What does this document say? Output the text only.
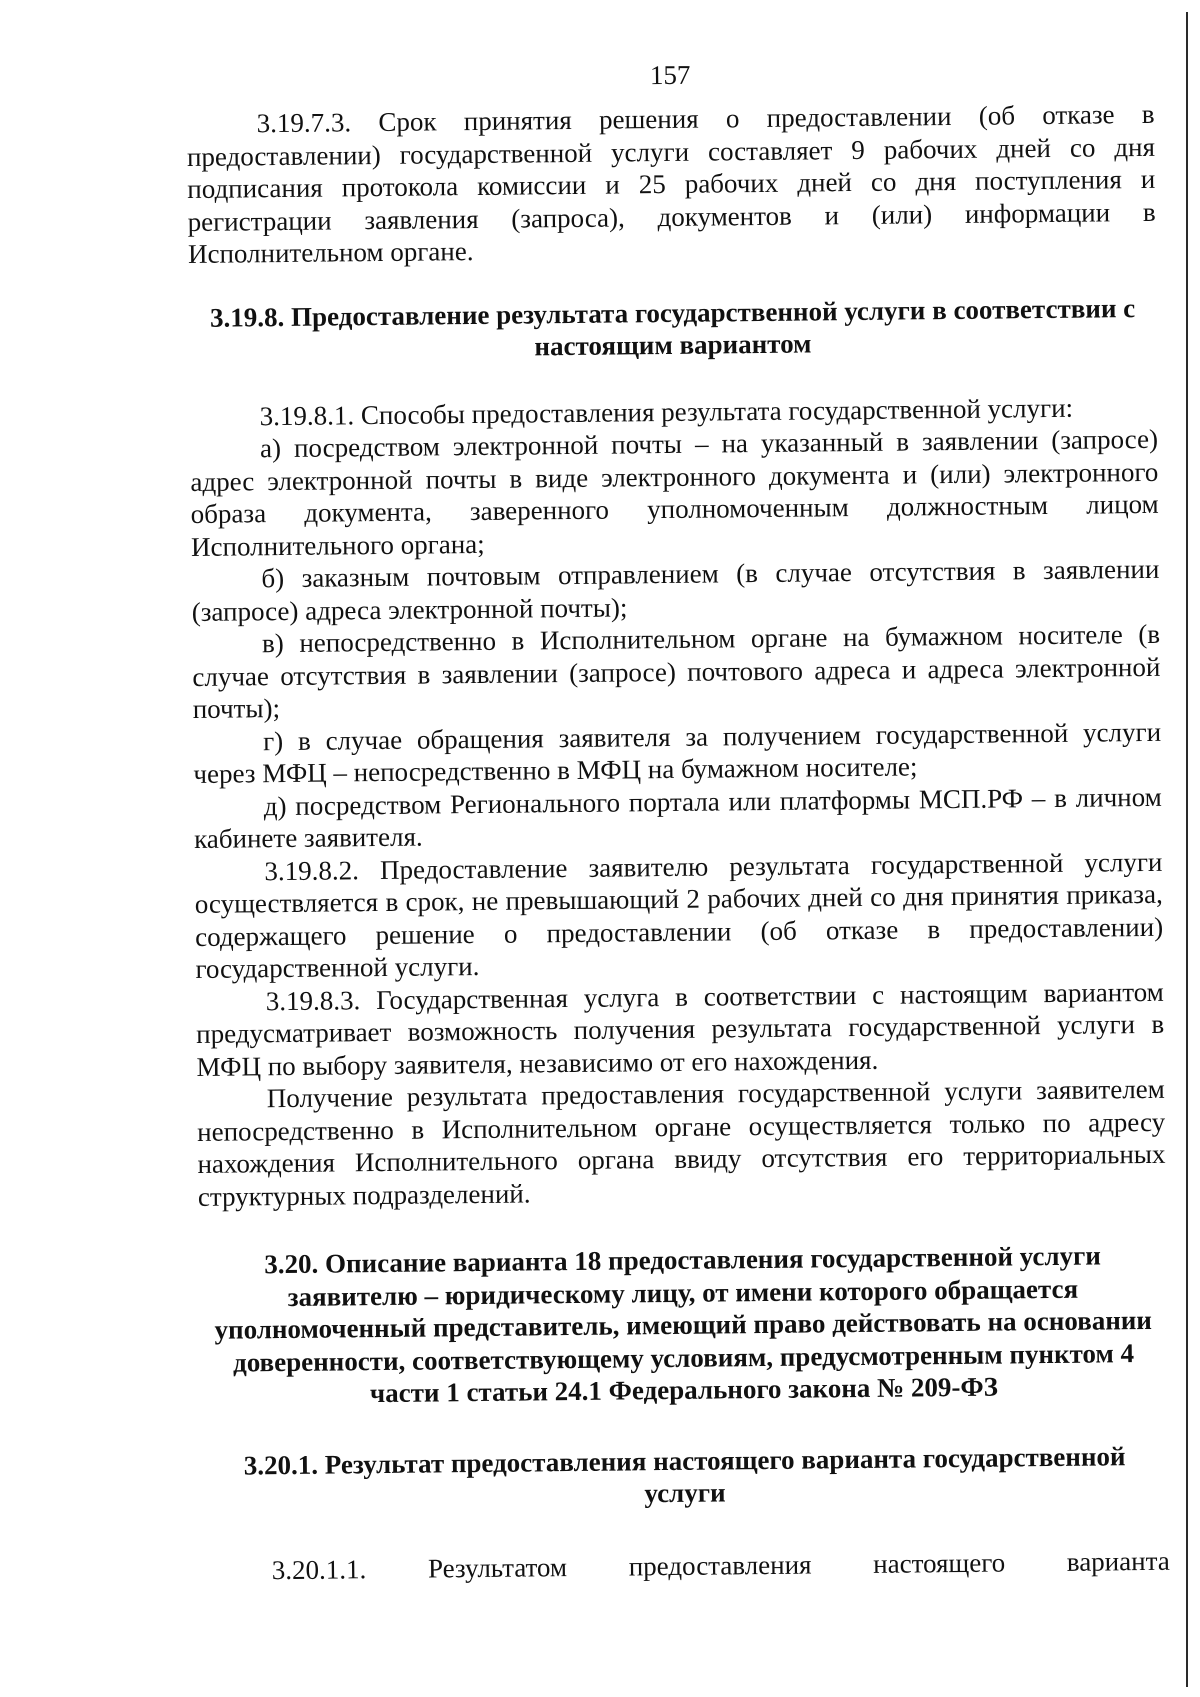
157

3.19.7.3. Срок принятия решения о предоставлении (об отказе в предоставлении) государственной услуги составляет 9 рабочих дней со дня подписания протокола комиссии и 25 рабочих дней со дня поступления и регистрации заявления (запроса), документов и (или) информации в Исполнительном органе.

3.19.8. Предоставление результата государственной услуги в соответствии с настоящим вариантом

3.19.8.1. Способы предоставления результата государственной услуги:

а) посредством электронной почты – на указанный в заявлении (запросе) адрес электронной почты в виде электронного документа и (или) электронного образа документа, заверенного уполномоченным должностным лицом Исполнительного органа;

б) заказным почтовым отправлением (в случае отсутствия в заявлении (запросе) адреса электронной почты);

в) непосредственно в Исполнительном органе на бумажном носителе (в случае отсутствия в заявлении (запросе) почтового адреса и адреса электронной почты);

г) в случае обращения заявителя за получением государственной услуги через МФЦ – непосредственно в МФЦ на бумажном носителе;

д) посредством Регионального портала или платформы МСП.РФ – в личном кабинете заявителя.

3.19.8.2. Предоставление заявителю результата государственной услуги осуществляется в срок, не превышающий 2 рабочих дней со дня принятия приказа, содержащего решение о предоставлении (об отказе в предоставлении) государственной услуги.

3.19.8.3. Государственная услуга в соответствии с настоящим вариантом предусматривает возможность получения результата государственной услуги в МФЦ по выбору заявителя, независимо от его нахождения.

Получение результата предоставления государственной услуги заявителем непосредственно в Исполнительном органе осуществляется только по адресу нахождения Исполнительного органа ввиду отсутствия его территориальных структурных подразделений.

3.20. Описание варианта 18 предоставления государственной услуги заявителю – юридическому лицу, от имени которого обращается уполномоченный представитель, имеющий право действовать на основании доверенности, соответствующему условиям, предусмотренным пунктом 4 части 1 статьи 24.1 Федерального закона № 209-ФЗ
3.20.1. Результат предоставления настоящего варианта государственной услуги
3.20.1.1. Результатом предоставления настоящего варианта
